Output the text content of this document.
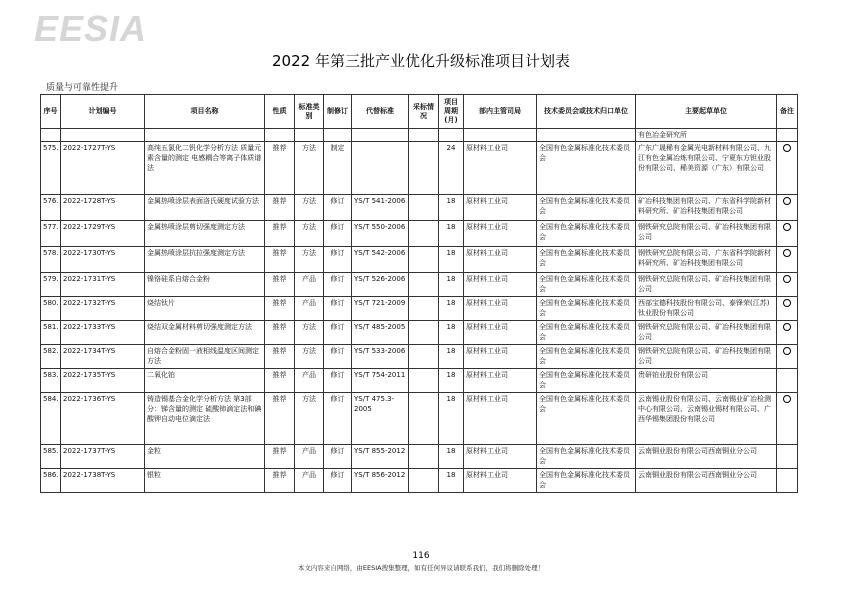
EESIA
2022 年第三批产业优化升级标准项目计划表
质量与可靠性提升
序号	计划编号	项目名称	性质	标准类别	制修订	代替标准	采标情况	项目周期(月)	部内主管司局	技术委员会或技术归口单位	主要起草单位	备注
											有色冶金研究所	
575.	2022-1727T-YS	高纯五氯化二钒化学分析方法 质量元素含量的测定 电感耦合等离子体质谱法	推荐	方法	制定			24	原材料工业司	全国有色金属标准化技术委员会	广东广晟稀有金属光电新材料有限公司、九江有色金属冶炼有限公司、宁夏东方钽业股份有限公司、稀美资源（广东）有限公司	
576.	2022-1728T-YS	金属热喷涂层表面洛氏硬度试验方法	推荐	方法	修订	YS/T 541-2006		18	原材料工业司	全国有色金属标准化技术委员会	矿冶科技集团有限公司、广东省科学院新材料研究所、矿冶科技集团有限公司	
577.	2022-1729T-YS	金属热喷涂层剪切强度测定方法	推荐	方法	修订	YS/T 550-2006		18	原材料工业司	全国有色金属标准化技术委员会	钢铁研究总院有限公司、矿冶科技集团有限公司	
578.	2022-1730T-YS	金属热喷涂层抗拉强度测定方法	推荐	方法	修订	YS/T 542-2006		18	原材料工业司	全国有色金属标准化技术委员会	钢铁研究总院有限公司、广东省科学院新材料研究所、矿冶科技集团有限公司	
579.	2022-1731T-YS	镍铬硅系自熔合金粉	推荐	产品	修订	YS/T 526-2006		18	原材料工业司	全国有色金属标准化技术委员会	钢铁研究总院有限公司、矿冶科技集团有限公司	
580.	2022-1732T-YS	烧结钛片	推荐	产品	修订	YS/T 721-2009		18	原材料工业司	全国有色金属标准化技术委员会	西部宝德科技股份有限公司、泰锋荣(江苏)钛业股份有限公司	
581.	2022-1733T-YS	烧结双金属材料剪切强度测定方法	推荐	方法	修订	YS/T 485-2005		18	原材料工业司	全国有色金属标准化技术委员会	钢铁研究总院有限公司、矿冶科技集团有限公司	
582.	2022-1734T-YS	自熔合金粉固一液相线温度区间测定方法	推荐	方法	修订	YS/T 533-2006		18	原材料工业司	全国有色金属标准化技术委员会	钢铁研究总院有限公司、矿冶科技集团有限公司	
583.	2022-1735T-YS	二氧化铂	推荐	产品	修订	YS/T 754-2011		18	原材料工业司	全国有色金属标准化技术委员会	贵研铂业股份有限公司	
584.	2022-1736T-YS	铸造锡基合金化学分析方法 第3部分：锑含量的测定 硫酸铈滴定法和碘酸钾自动电位滴定法	推荐	方法	修订	YS/T 475.3-2005		18	原材料工业司	全国有色金属标准化技术委员会	云南锡业股份有限公司、云南锡业矿冶检测中心有限公司、云南锡业锡材有限公司、广西华锡集团股份有限公司	
585.	2022-1737T-YS	金粒	推荐	产品	修订	YS/T 855-2012		18	原材料工业司	全国有色金属标准化技术委员会	云南铜业股份有限公司西南铜业分公司	
586.	2022-1738T-YS	银粒	推荐	产品	修订	YS/T 856-2012		18	原材料工业司	全国有色金属标准化技术委员会	云南铜业股份有限公司西南铜业分公司	
116
本文内容来自网络，由EESIA搜集整理，如有任何异议请联系我们，我们将删除处理！
